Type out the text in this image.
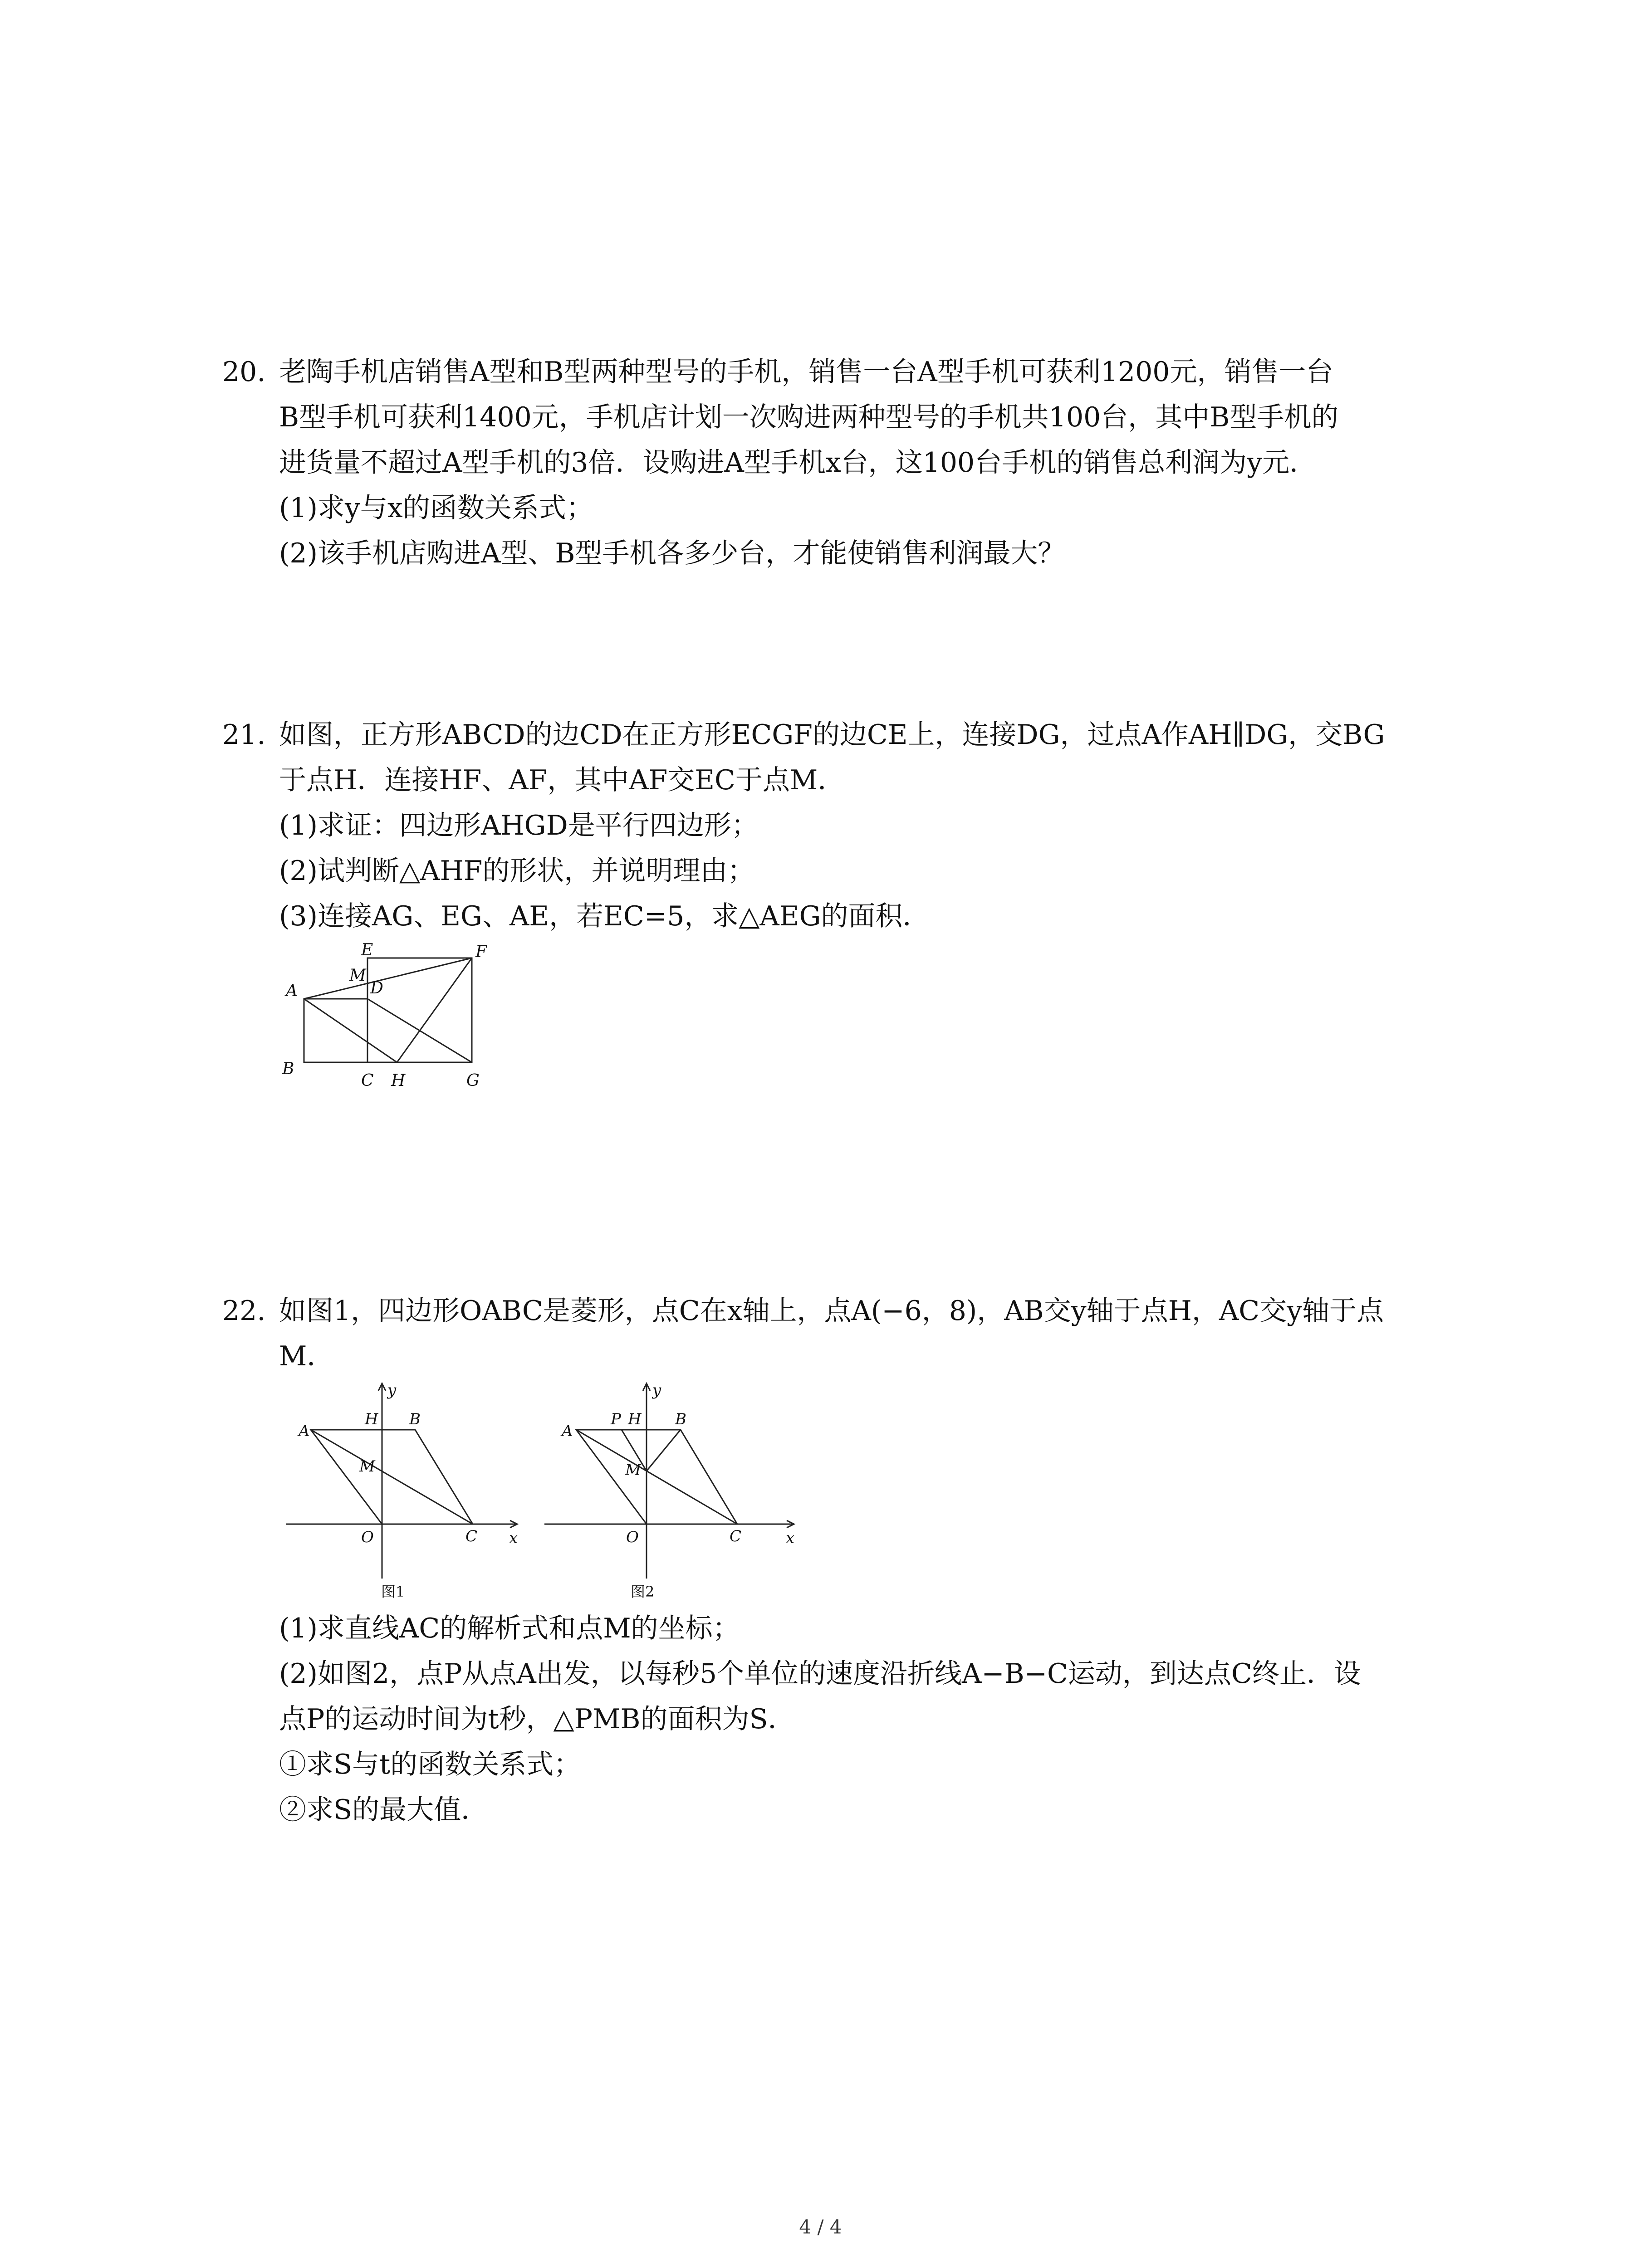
20. 老陶手机店销售A型和B型两种型号的手机，销售一台A型手机可获利1200元，销售一台
B型手机可获利1400元，手机店计划一次购进两种型号的手机共100台，其中B型手机的
进货量不超过A型手机的3倍．设购进A型手机x台，这100台手机的销售总利润为y元．
(1)求y与x的函数关系式；
(2)该手机店购进A型、B型手机各多少台，才能使销售利润最大？
21. 如图，正方形ABCD的边CD在正方形ECGF的边CE上，连接DG，过点A作AH∥DG，交BG
于点H．连接HF、AF，其中AF交EC于点M．
(1)求证：四边形AHGD是平行四边形；
(2)试判断△AHF的形状，并说明理由；
(3)连接AG、EG、AE，若EC=5，求△AEG的面积．
E
M
F
A	D
B
C H	G
22. 如图1，四边形OABC是菱形，点C在x轴上，点A(−6，8)，AB交y轴于点H，AC交y轴于点
M．
y
A
H B
M
O	C x
图1
y
A
P H B
M
O	C	x
图2
(1)求直线AC的解析式和点M的坐标；
(2)如图2，点P从点A出发，以每秒5个单位的速度沿折线A−B−C运动，到达点C终止．设
点P的运动时间为t秒，△PMB的面积为S．
①求S与t的函数关系式；
②求S的最大值．
4 / 4
